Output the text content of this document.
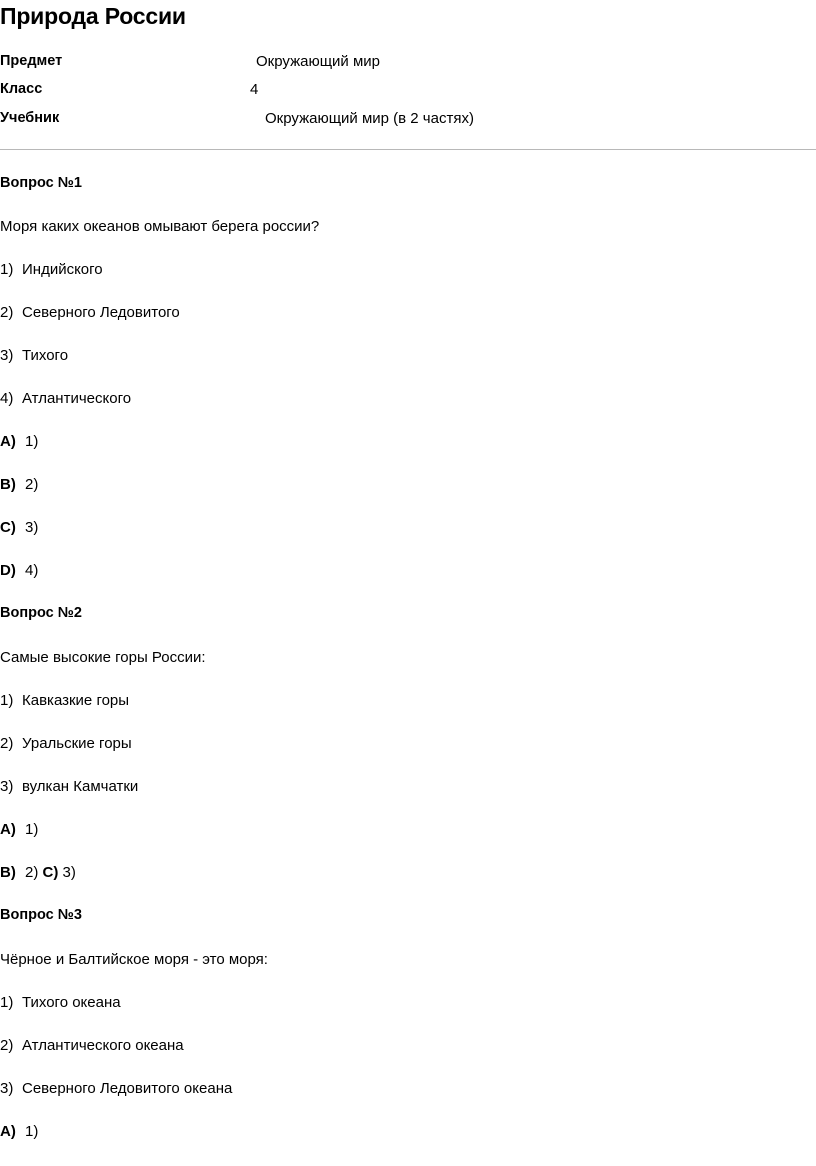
Природа России
Предмет	Окружающий мир
Класс	4
Учебник	Окружающий мир (в 2 частях)
Вопрос №1
Моря каких океанов омывают берега россии?
1) Индийского
2) Северного Ледовитого
3) Тихого
4) Атлантического
A) 1)
B) 2)
C) 3)
D) 4)
Вопрос №2
Самые высокие горы России:
1) Кавказкие горы
2) Уральские горы
3) вулкан Камчатки
A) 1)
B) 2) C) 3)
Вопрос №3
Чёрное и Балтийское моря - это моря:
1) Тихого океана
2) Атлантического океана
3) Северного Ледовитого океана
A) 1)
